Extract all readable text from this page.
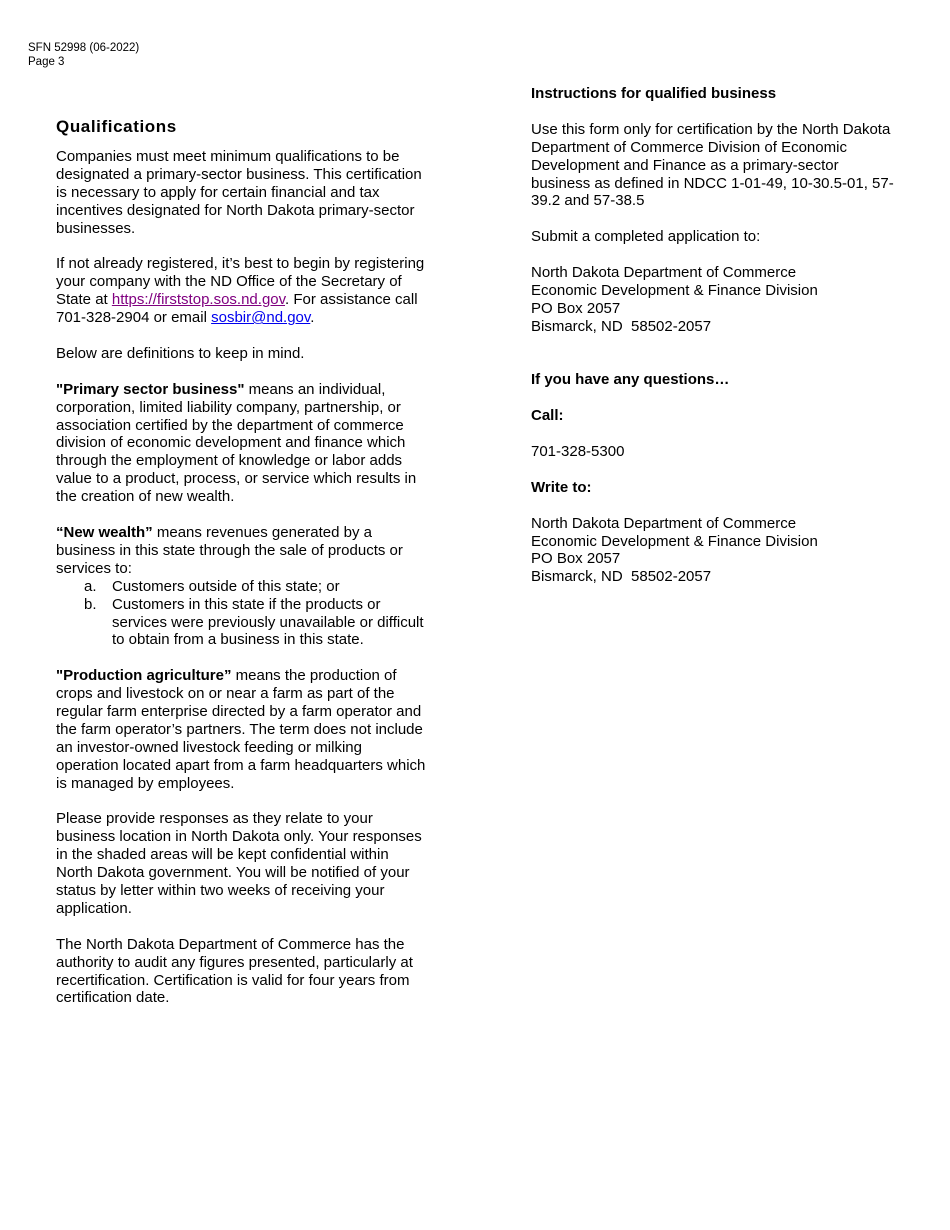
SFN 52998 (06-2022)
Page 3
Qualifications

Companies must meet minimum qualifications to be designated a primary-sector business. This certification is necessary to apply for certain financial and tax incentives designated for North Dakota primary-sector businesses.

If not already registered, it’s best to begin by registering your company with the ND Office of the Secretary of State at https://firststop.sos.nd.gov. For assistance call 701-328-2904 or email sosbir@nd.gov.

Below are definitions to keep in mind.

"Primary sector business" means an individual, corporation, limited liability company, partnership, or association certified by the department of commerce division of economic development and finance which through the employment of knowledge or labor adds value to a product, process, or service which results in the creation of new wealth.

“New wealth” means revenues generated by a business in this state through the sale of products or services to:

a. Customers outside of this state; or
b. Customers in this state if the products or services were previously unavailable or difficult to obtain from a business in this state.

"Production agriculture” means the production of crops and livestock on or near a farm as part of the regular farm enterprise directed by a farm operator and the farm operator’s partners. The term does not include an investor-owned livestock feeding or milking operation located apart from a farm headquarters which is managed by employees.

Please provide responses as they relate to your business location in North Dakota only. Your responses in the shaded areas will be kept confidential within North Dakota government. You will be notified of your status by letter within two weeks of receiving your application.

The North Dakota Department of Commerce has the authority to audit any figures presented, particularly at recertification. Certification is valid for four years from certification date.

Instructions for qualified business

Use this form only for certification by the North Dakota Department of Commerce Division of Economic Development and Finance as a primary-sector business as defined in NDCC 1-01-49, 10-30.5-01, 57-39.2 and 57-38.5

Submit a completed application to:

North Dakota Department of Commerce

Economic Development & Finance Division

PO Box 2057

Bismarck, ND  58502-2057

If you have any questions…
Call:

701-328-5300

Write to:

North Dakota Department of Commerce

Economic Development & Finance Division

PO Box 2057

Bismarck, ND  58502-2057
